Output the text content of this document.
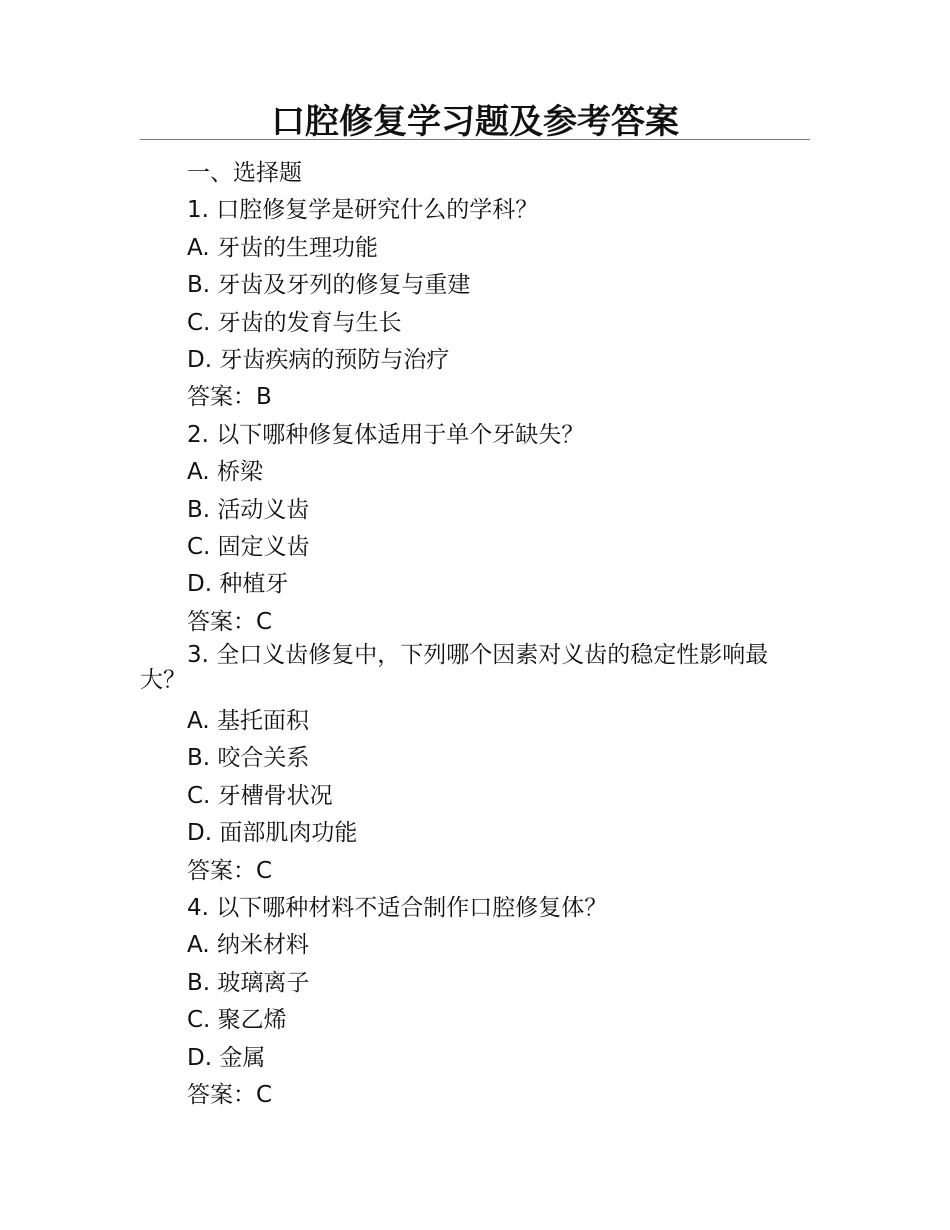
口腔修复学习题及参考答案
一、选择题
1. 口腔修复学是研究什么的学科？
A. 牙齿的生理功能
B. 牙齿及牙列的修复与重建
C. 牙齿的发育与生长
D. 牙齿疾病的预防与治疗
答案：B
2. 以下哪种修复体适用于单个牙缺失？
A. 桥梁
B. 活动义齿
C. 固定义齿
D. 种植牙
答案：C
3. 全口义齿修复中，下列哪个因素对义齿的稳定性影响最大？
A. 基托面积
B. 咬合关系
C. 牙槽骨状况
D. 面部肌肉功能
答案：C
4. 以下哪种材料不适合制作口腔修复体？
A. 纳米材料
B. 玻璃离子
C. 聚乙烯
D. 金属
答案：C
